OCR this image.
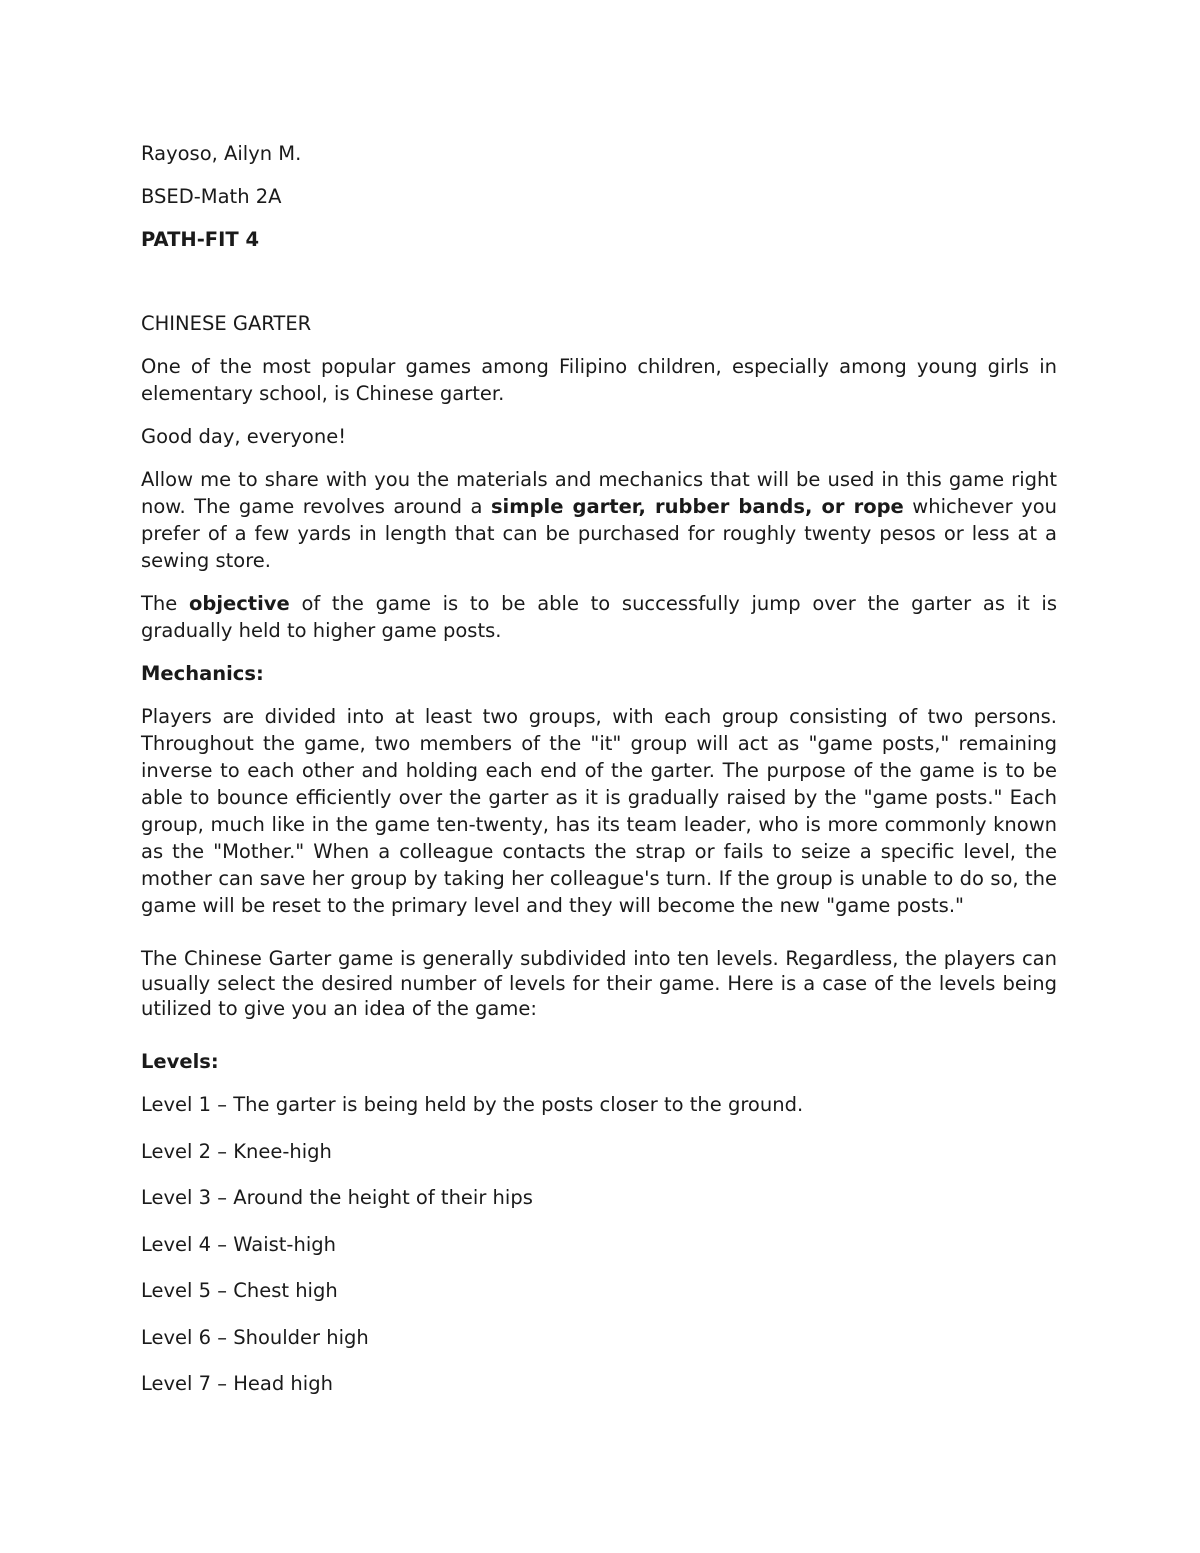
Rayoso, Ailyn M.

BSED-Math 2A

PATH-FIT 4

CHINESE GARTER

One of the most popular games among Filipino children, especially among young girls in elementary school, is Chinese garter.

Good day, everyone!

Allow me to share with you the materials and mechanics that will be used in this game right now. The game revolves around a simple garter, rubber bands, or rope whichever you prefer of a few yards in length that can be purchased for roughly twenty pesos or less at a sewing store.

The objective of the game is to be able to successfully jump over the garter as it is gradually held to higher game posts.

Mechanics:

Players are divided into at least two groups, with each group consisting of two persons. Throughout the game, two members of the "it" group will act as "game posts," remaining inverse to each other and holding each end of the garter. The purpose of the game is to be able to bounce efficiently over the garter as it is gradually raised by the "game posts." Each group, much like in the game ten-twenty, has its team leader, who is more commonly known as the "Mother." When a colleague contacts the strap or fails to seize a specific level, the mother can save her group by taking her colleague's turn. If the group is unable to do so, the game will be reset to the primary level and they will become the new "game posts."

The Chinese Garter game is generally subdivided into ten levels. Regardless, the players can usually select the desired number of levels for their game. Here is a case of the levels being utilized to give you an idea of the game:

Levels:

Level 1 – The garter is being held by the posts closer to the ground.

Level 2 – Knee-high

Level 3 – Around the height of their hips

Level 4 – Waist-high

Level 5 – Chest high

Level 6 – Shoulder high

Level 7 – Head high
